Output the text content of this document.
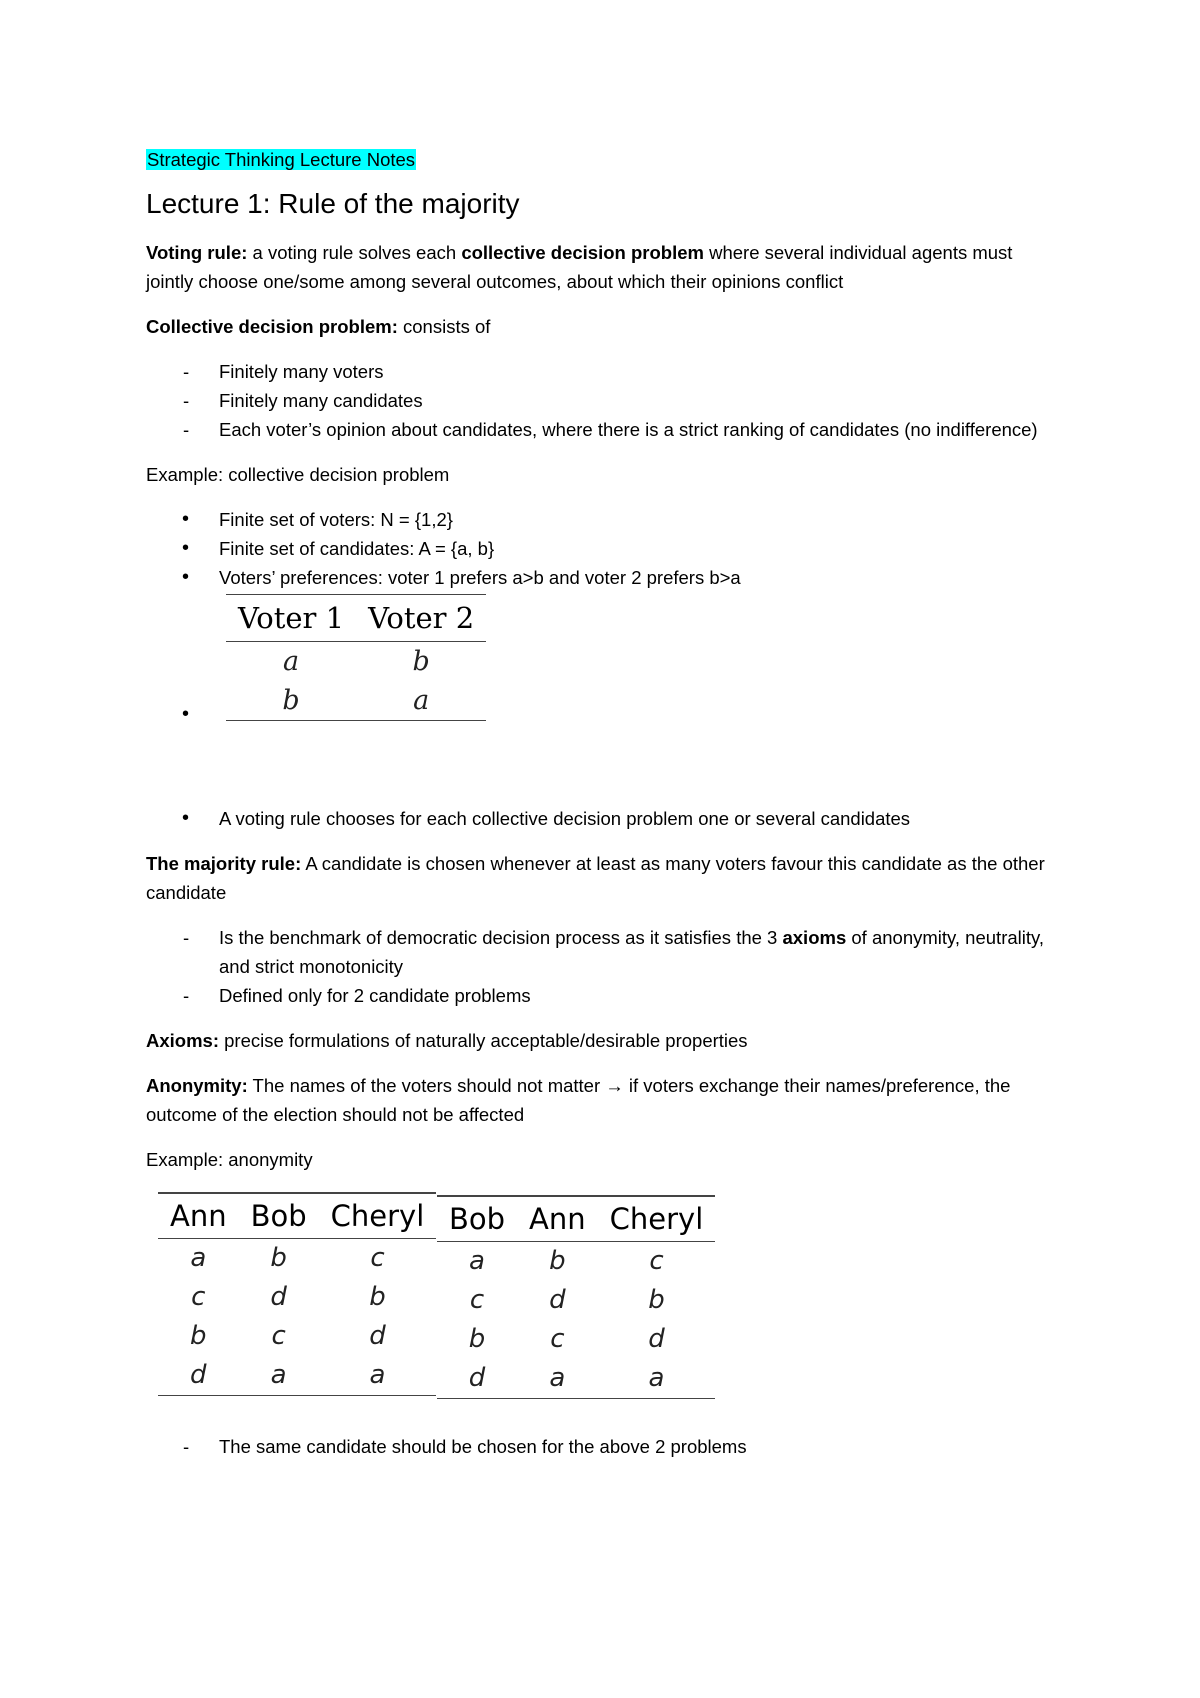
Strategic Thinking Lecture Notes

Lecture 1: Rule of the majority

Voting rule: a voting rule solves each collective decision problem where several individual agents must jointly choose one/some among several outcomes, about which their opinions conflict

Collective decision problem: consists of

- Finitely many voters
- Finitely many candidates
- Each voter’s opinion about candidates, where there is a strict ranking of candidates (no indifference)

Example: collective decision problem

• Finite set of voters: N = {1,2}
• Finite set of candidates: A = {a, b}
• Voters’ preferences: voter 1 prefers a>b and voter 2 prefers b>a
•
Voter 1	Voter 2
a	b
b	a
• A voting rule chooses for each collective decision problem one or several candidates

The majority rule: A candidate is chosen whenever at least as many voters favour this candidate as the other candidate

- Is the benchmark of democratic decision process as it satisfies the 3 axioms of anonymity, neutrality, and strict monotonicity
- Defined only for 2 candidate problems

Axioms: precise formulations of naturally acceptable/desirable properties

Anonymity: The names of the voters should not matter → if voters exchange their names/preference, the outcome of the election should not be affected

Example: anonymity

Ann	Bob	Cheryl
a	b	c
c	d	b
b	c	d
d	a	a
Bob	Ann	Cheryl
a	b	c
c	d	b
b	c	d
d	a	a
- The same candidate should be chosen for the above 2 problems
